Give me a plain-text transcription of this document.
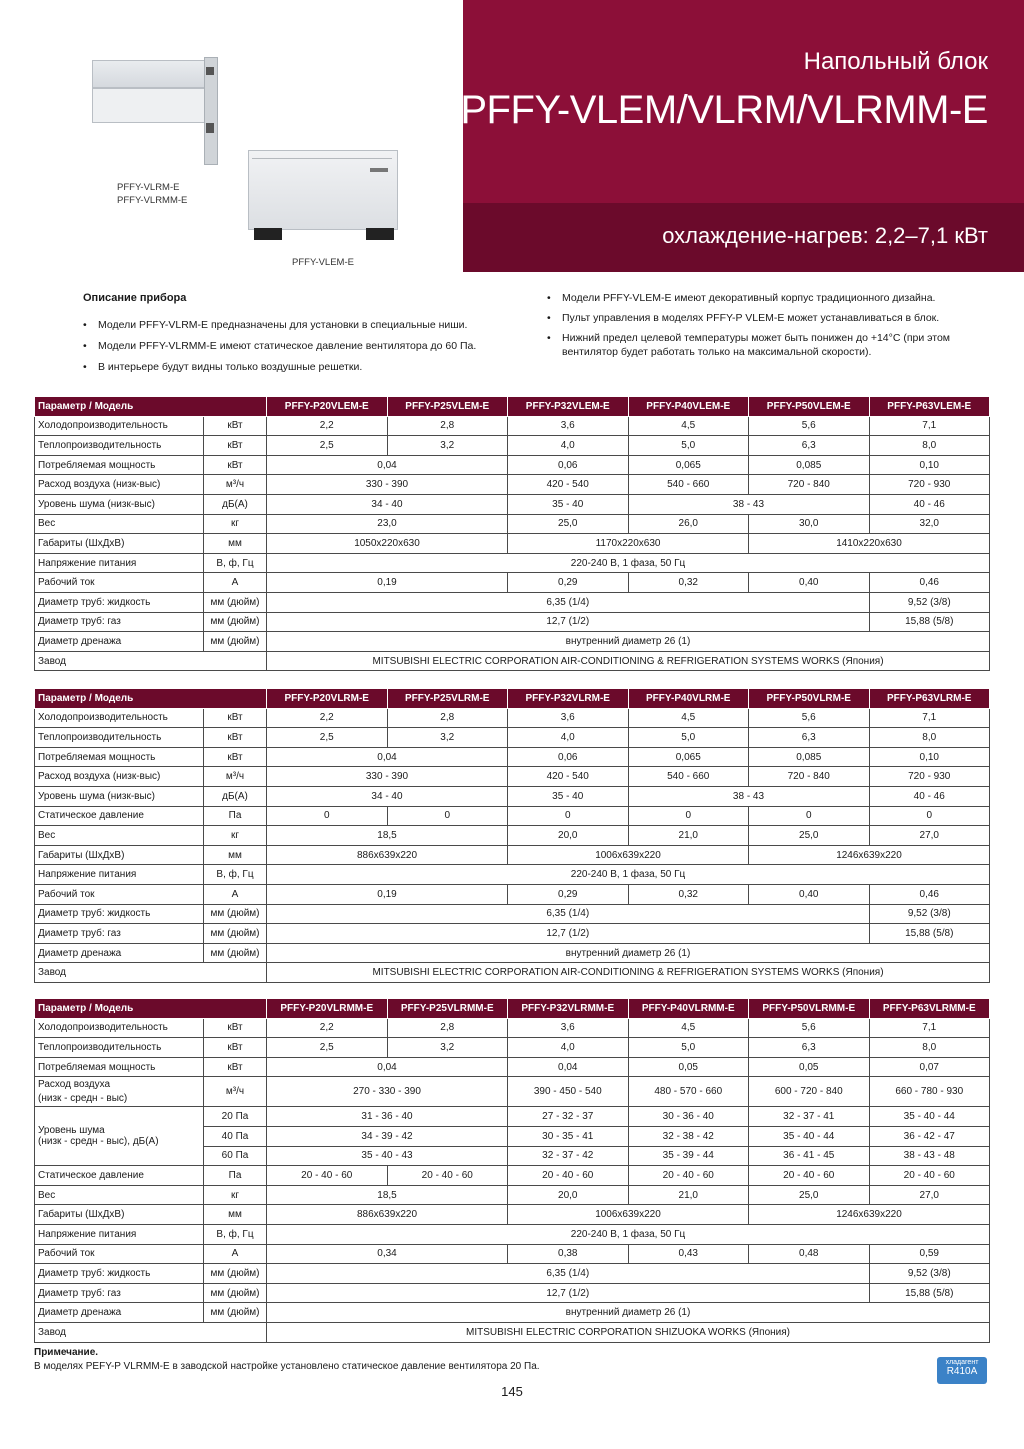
Напольный блок
PFFY-VLEM/VLRM/VLRMM-E
охлаждение-нагрев: 2,2–7,1 кВт
PFFY-VLRM-E
PFFY-VLRMM-E
PFFY-VLEM-E
Описание прибора
• Модели PFFY-VLRM-E предназначены для установки в специальные ниши.
• Модели PFFY-VLRMM-E имеют статическое давление вентилятора до 60 Па.
• В интерьере будут видны только воздушные решетки.
• Модели PFFY-VLEM-E имеют декоративный корпус традиционного дизайна.
• Пульт управления в моделях PFFY-P VLEM-E может устанавливаться в блок.
• Нижний предел целевой температуры может быть понижен до +14°C (при этом вентилятор будет работать только на максимальной скорости).
Параметр / Модель		PFFY-P20VLEM-E	PFFY-P25VLEM-E	PFFY-P32VLEM-E	PFFY-P40VLEM-E	PFFY-P50VLEM-E	PFFY-P63VLEM-E
Холодопроизводительность	кВт	2,2	2,8	3,6	4,5	5,6	7,1
Теплопроизводительность	кВт	2,5	3,2	4,0	5,0	6,3	8,0
Потребляемая мощность	кВт	0,04		0,06	0,065	0,085	0,10
Расход воздуха (низк-выс)	м³/ч	330 - 390		420 - 540	540 - 660	720 - 840	720 - 930
Уровень шума (низк-выс)	дБ(А)	34 - 40		35 - 40	38 - 43		40 - 46
Вес	кг	23,0		25,0	26,0	30,0	32,0
Габариты (ШхДхВ)	мм	1050x220x630		1170x220x630		1410x220x630	
Напряжение питания	В, ф, Гц	220-240 В, 1 фаза, 50 Гц					
Рабочий ток	А	0,19		0,29	0,32	0,40	0,46
Диаметр труб: жидкость	мм (дюйм)	6,35 (1/4)					9,52 (3/8)
Диаметр труб: газ	мм (дюйм)	12,7 (1/2)					15,88 (5/8)
Диаметр дренажа	мм (дюйм)	внутренний диаметр 26 (1)					
Завод		MITSUBISHI ELECTRIC CORPORATION AIR-CONDITIONING & REFRIGERATION SYSTEMS WORKS (Япония)					
Параметр / Модель		PFFY-P20VLRM-E	PFFY-P25VLRM-E	PFFY-P32VLRM-E	PFFY-P40VLRM-E	PFFY-P50VLRM-E	PFFY-P63VLRM-E
Холодопроизводительность	кВт	2,2	2,8	3,6	4,5	5,6	7,1
Теплопроизводительность	кВт	2,5	3,2	4,0	5,0	6,3	8,0
Потребляемая мощность	кВт	0,04		0,06	0,065	0,085	0,10
Расход воздуха (низк-выс)	м³/ч	330 - 390		420 - 540	540 - 660	720 - 840	720 - 930
Уровень шума (низк-выс)	дБ(А)	34 - 40		35 - 40	38 - 43		40 - 46
Статическое давление	Па	0	0	0	0	0	0
Вес	кг	18,5		20,0	21,0	25,0	27,0
Габариты (ШхДхВ)	мм	886x639x220		1006x639x220		1246x639x220	
Напряжение питания	В, ф, Гц	220-240 В, 1 фаза, 50 Гц					
Рабочий ток	А	0,19		0,29	0,32	0,40	0,46
Диаметр труб: жидкость	мм (дюйм)	6,35 (1/4)					9,52 (3/8)
Диаметр труб: газ	мм (дюйм)	12,7 (1/2)					15,88 (5/8)
Диаметр дренажа	мм (дюйм)	внутренний диаметр 26 (1)					
Завод		MITSUBISHI ELECTRIC CORPORATION AIR-CONDITIONING & REFRIGERATION SYSTEMS WORKS (Япония)					
Параметр / Модель		PFFY-P20VLRMM-E	PFFY-P25VLRMM-E	PFFY-P32VLRMM-E	PFFY-P40VLRMM-E	PFFY-P50VLRMM-E	PFFY-P63VLRMM-E
Холодопроизводительность	кВт	2,2	2,8	3,6	4,5	5,6	7,1
Теплопроизводительность	кВт	2,5	3,2	4,0	5,0	6,3	8,0
Потребляемая мощность	кВт	0,04		0,04	0,05	0,05	0,07
Расход воздуха
(низк - средн - выс)	м³/ч	270 - 330 - 390		390 - 450 - 540	480 - 570 - 660	600 - 720 - 840	660 - 780 - 930
Уровень шума
(низк - средн - выс), дБ(А)	20 Па	31 - 36 - 40		27 - 32 - 37	30 - 36 - 40	32 - 37 - 41	35 - 40 - 44
	40 Па	34 - 39 - 42		30 - 35 - 41	32 - 38 - 42	35 - 40 - 44	36 - 42 - 47
	60 Па	35 - 40 - 43		32 - 37 - 42	35 - 39 - 44	36 - 41 - 45	38 - 43 - 48
Статическое давление	Па	20 - 40 - 60	20 - 40 - 60	20 - 40 - 60	20 - 40 - 60	20 - 40 - 60	20 - 40 - 60
Вес	кг	18,5		20,0	21,0	25,0	27,0
Габариты (ШхДхВ)	мм	886x639x220		1006x639x220		1246x639x220	
Напряжение питания	В, ф, Гц	220-240 В, 1 фаза, 50 Гц					
Рабочий ток	А	0,34		0,38	0,43	0,48	0,59
Диаметр труб: жидкость	мм (дюйм)	6,35 (1/4)					9,52 (3/8)
Диаметр труб: газ	мм (дюйм)	12,7 (1/2)					15,88 (5/8)
Диаметр дренажа	мм (дюйм)	внутренний диаметр 26 (1)					
Завод		MITSUBISHI ELECTRIC CORPORATION SHIZUOKA WORKS (Япония)					
Примечание.
В моделях PEFY-P VLRMM-E в заводской настройке установлено статическое давление вентилятора 20 Па.	хладагент
R410A
145
